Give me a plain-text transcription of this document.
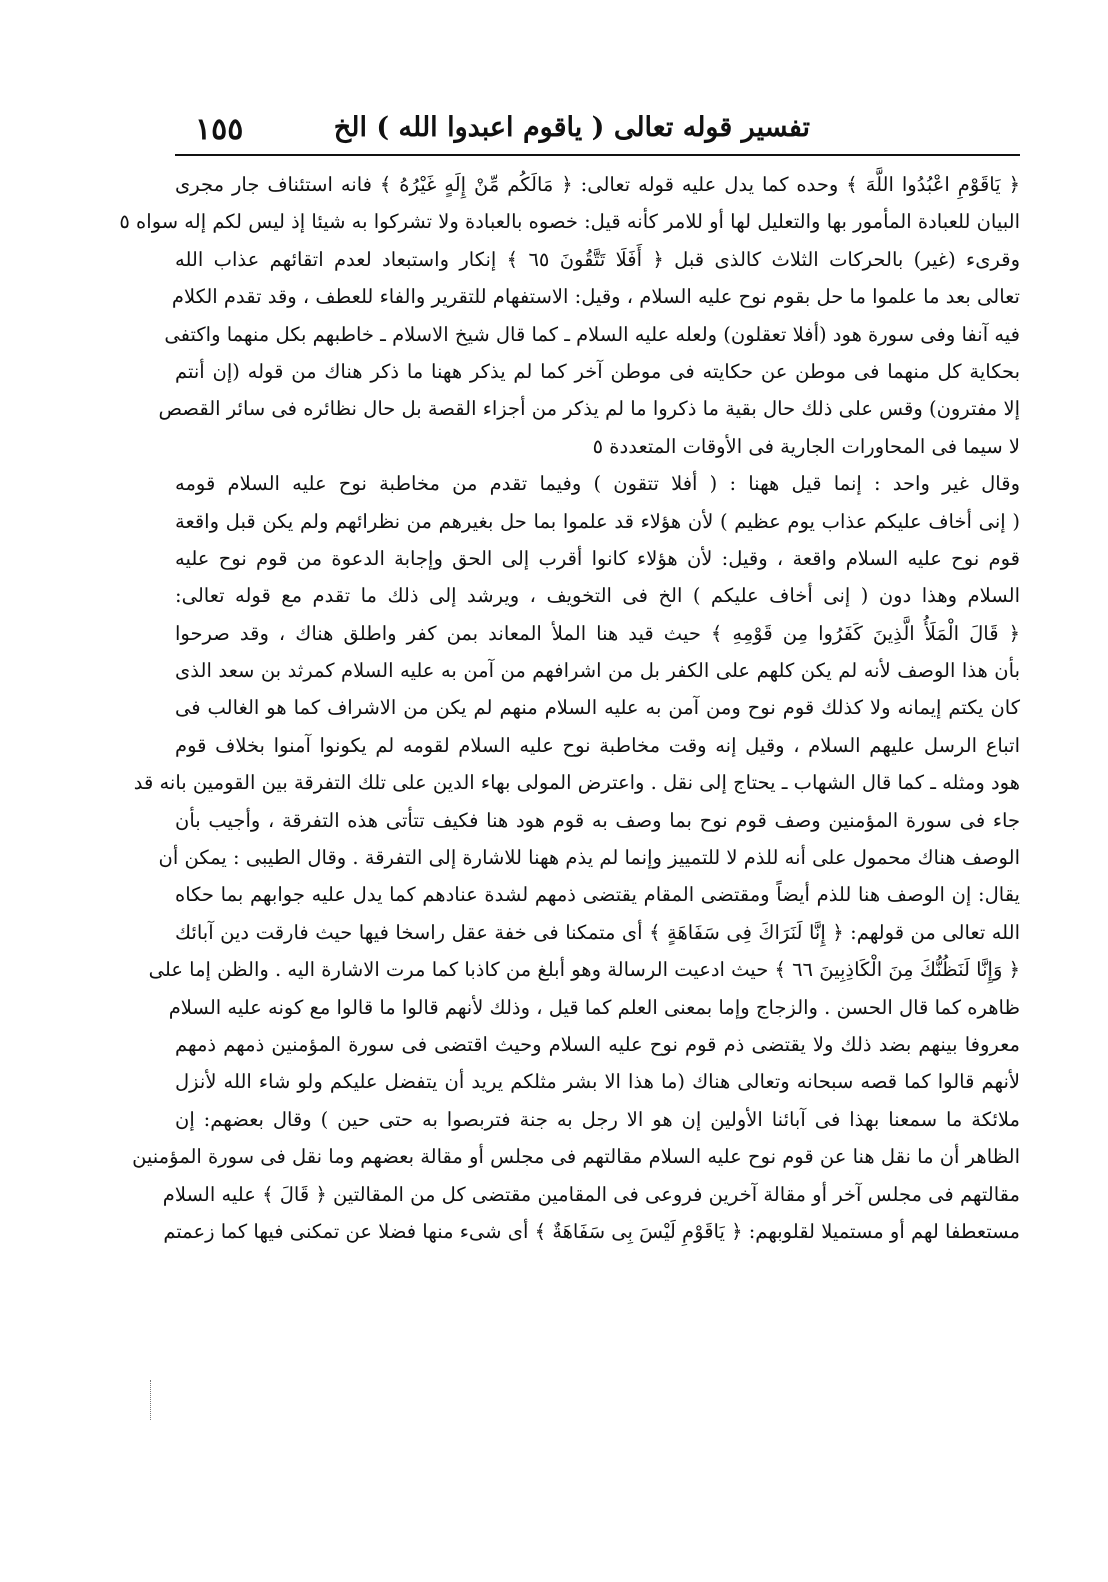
تفسير قوله تعالى ( ياقوم اعبدوا الله ) الخ
١٥٥
﴿ يَاقَوْمِ اعْبُدُوا اللَّهَ ﴾ وحده كما يدل عليه قوله تعالى: ﴿ مَالَكُم مِّنْ إِلَهٍ غَيْرُهُ ﴾ فانه استئناف جار مجرى
البيان للعبادة المأمور بها والتعليل لها أو للامر كأنه قيل: خصوه بالعبادة ولا تشركوا به شيئا إذ ليس لكم إله سواه ٥
وقرىء (غير) بالحركات الثلاث كالذى قبل ﴿ أَفَلَا تَتَّقُونَ ٦٥ ﴾ إنكار واستبعاد لعدم اتقائهم عذاب الله
تعالى بعد ما علموا ما حل بقوم نوح عليه السلام ، وقيل: الاستفهام للتقرير والفاء للعطف ، وقد تقدم الكلام
فيه آنفا وفى سورة هود (أفلا تعقلون) ولعله عليه السلام ـ كما قال شيخ الاسلام ـ خاطبهم بكل منهما واكتفى
بحكاية كل منهما فى موطن عن حكايته فى موطن آخر كما لم يذكر ههنا ما ذكر هناك من قوله (إن أنتم
إلا مفترون) وقس على ذلك حال بقية ما ذكروا ما لم يذكر من أجزاء القصة بل حال نظائره فى سائر القصص
لا سيما فى المحاورات الجارية فى الأوقات المتعددة ٥
وقال غير واحد : إنما قيل ههنا : ( أفلا تتقون ) وفيما تقدم من مخاطبة نوح عليه السلام قومه
( إنى أخاف عليكم عذاب يوم عظيم ) لأن هؤلاء قد علموا بما حل بغيرهم من نظرائهم ولم يكن قبل واقعة
قوم نوح عليه السلام واقعة ، وقيل: لأن هؤلاء كانوا أقرب إلى الحق وإجابة الدعوة من قوم نوح عليه
السلام وهذا دون ( إنى أخاف عليكم ) الخ فى التخويف ، ويرشد إلى ذلك ما تقدم مع قوله تعالى:
﴿ قَالَ الْمَلَأُ الَّذِينَ كَفَرُوا مِن قَوْمِهِ ﴾ حيث قيد هنا الملأ المعاند بمن كفر واطلق هناك ، وقد صرحوا
بأن هذا الوصف لأنه لم يكن كلهم على الكفر بل من اشرافهم من آمن به عليه السلام كمرثد بن سعد الذى
كان يكتم إيمانه ولا كذلك قوم نوح ومن آمن به عليه السلام منهم لم يكن من الاشراف كما هو الغالب فى
اتباع الرسل عليهم السلام ، وقيل إنه وقت مخاطبة نوح عليه السلام لقومه لم يكونوا آمنوا بخلاف قوم
هود ومثله ـ كما قال الشهاب ـ يحتاج إلى نقل . واعترض المولى بهاء الدين على تلك التفرقة بين القومين بانه قد
جاء فى سورة المؤمنين وصف قوم نوح بما وصف به قوم هود هنا فكيف تتأتى هذه التفرقة ، وأجيب بأن
الوصف هناك محمول على أنه للذم لا للتمييز وإنما لم يذم ههنا للاشارة إلى التفرقة . وقال الطيبى : يمكن أن
يقال: إن الوصف هنا للذم أيضاً ومقتضى المقام يقتضى ذمهم لشدة عنادهم كما يدل عليه جوابهم بما حكاه
الله تعالى من قولهم: ﴿ إِنَّا لَنَرَاكَ فِى سَفَاهَةٍ ﴾ أى متمكنا فى خفة عقل راسخا فيها حيث فارقت دين آبائك
﴿ وَإِنَّا لَنَظُنُّكَ مِنَ الْكَاذِبِينَ ٦٦ ﴾ حيث ادعيت الرسالة وهو أبلغ من كاذبا كما مرت الاشارة اليه . والظن إما على
ظاهره كما قال الحسن . والزجاج وإما بمعنى العلم كما قيل ، وذلك لأنهم قالوا ما قالوا مع كونه عليه السلام
معروفا بينهم بضد ذلك ولا يقتضى ذم قوم نوح عليه السلام وحيث اقتضى فى سورة المؤمنين ذمهم ذمهم
لأنهم قالوا كما قصه سبحانه وتعالى هناك (ما هذا الا بشر مثلكم يريد أن يتفضل عليكم ولو شاء الله لأنزل
ملائكة ما سمعنا بهذا فى آبائنا الأولين إن هو الا رجل به جنة فتربصوا به حتى حين ) وقال بعضهم: إن
الظاهر أن ما نقل هنا عن قوم نوح عليه السلام مقالتهم فى مجلس أو مقالة بعضهم وما نقل فى سورة المؤمنين
مقالتهم فى مجلس آخر أو مقالة آخرين فروعى فى المقامين مقتضى كل من المقالتين ﴿ قَالَ ﴾ عليه السلام
مستعطفا لهم أو مستميلا لقلوبهم: ﴿ يَاقَوْمِ لَيْسَ بِى سَفَاهَةٌ ﴾ أى شىء منها فضلا عن تمكنى فيها كما زعمتم
